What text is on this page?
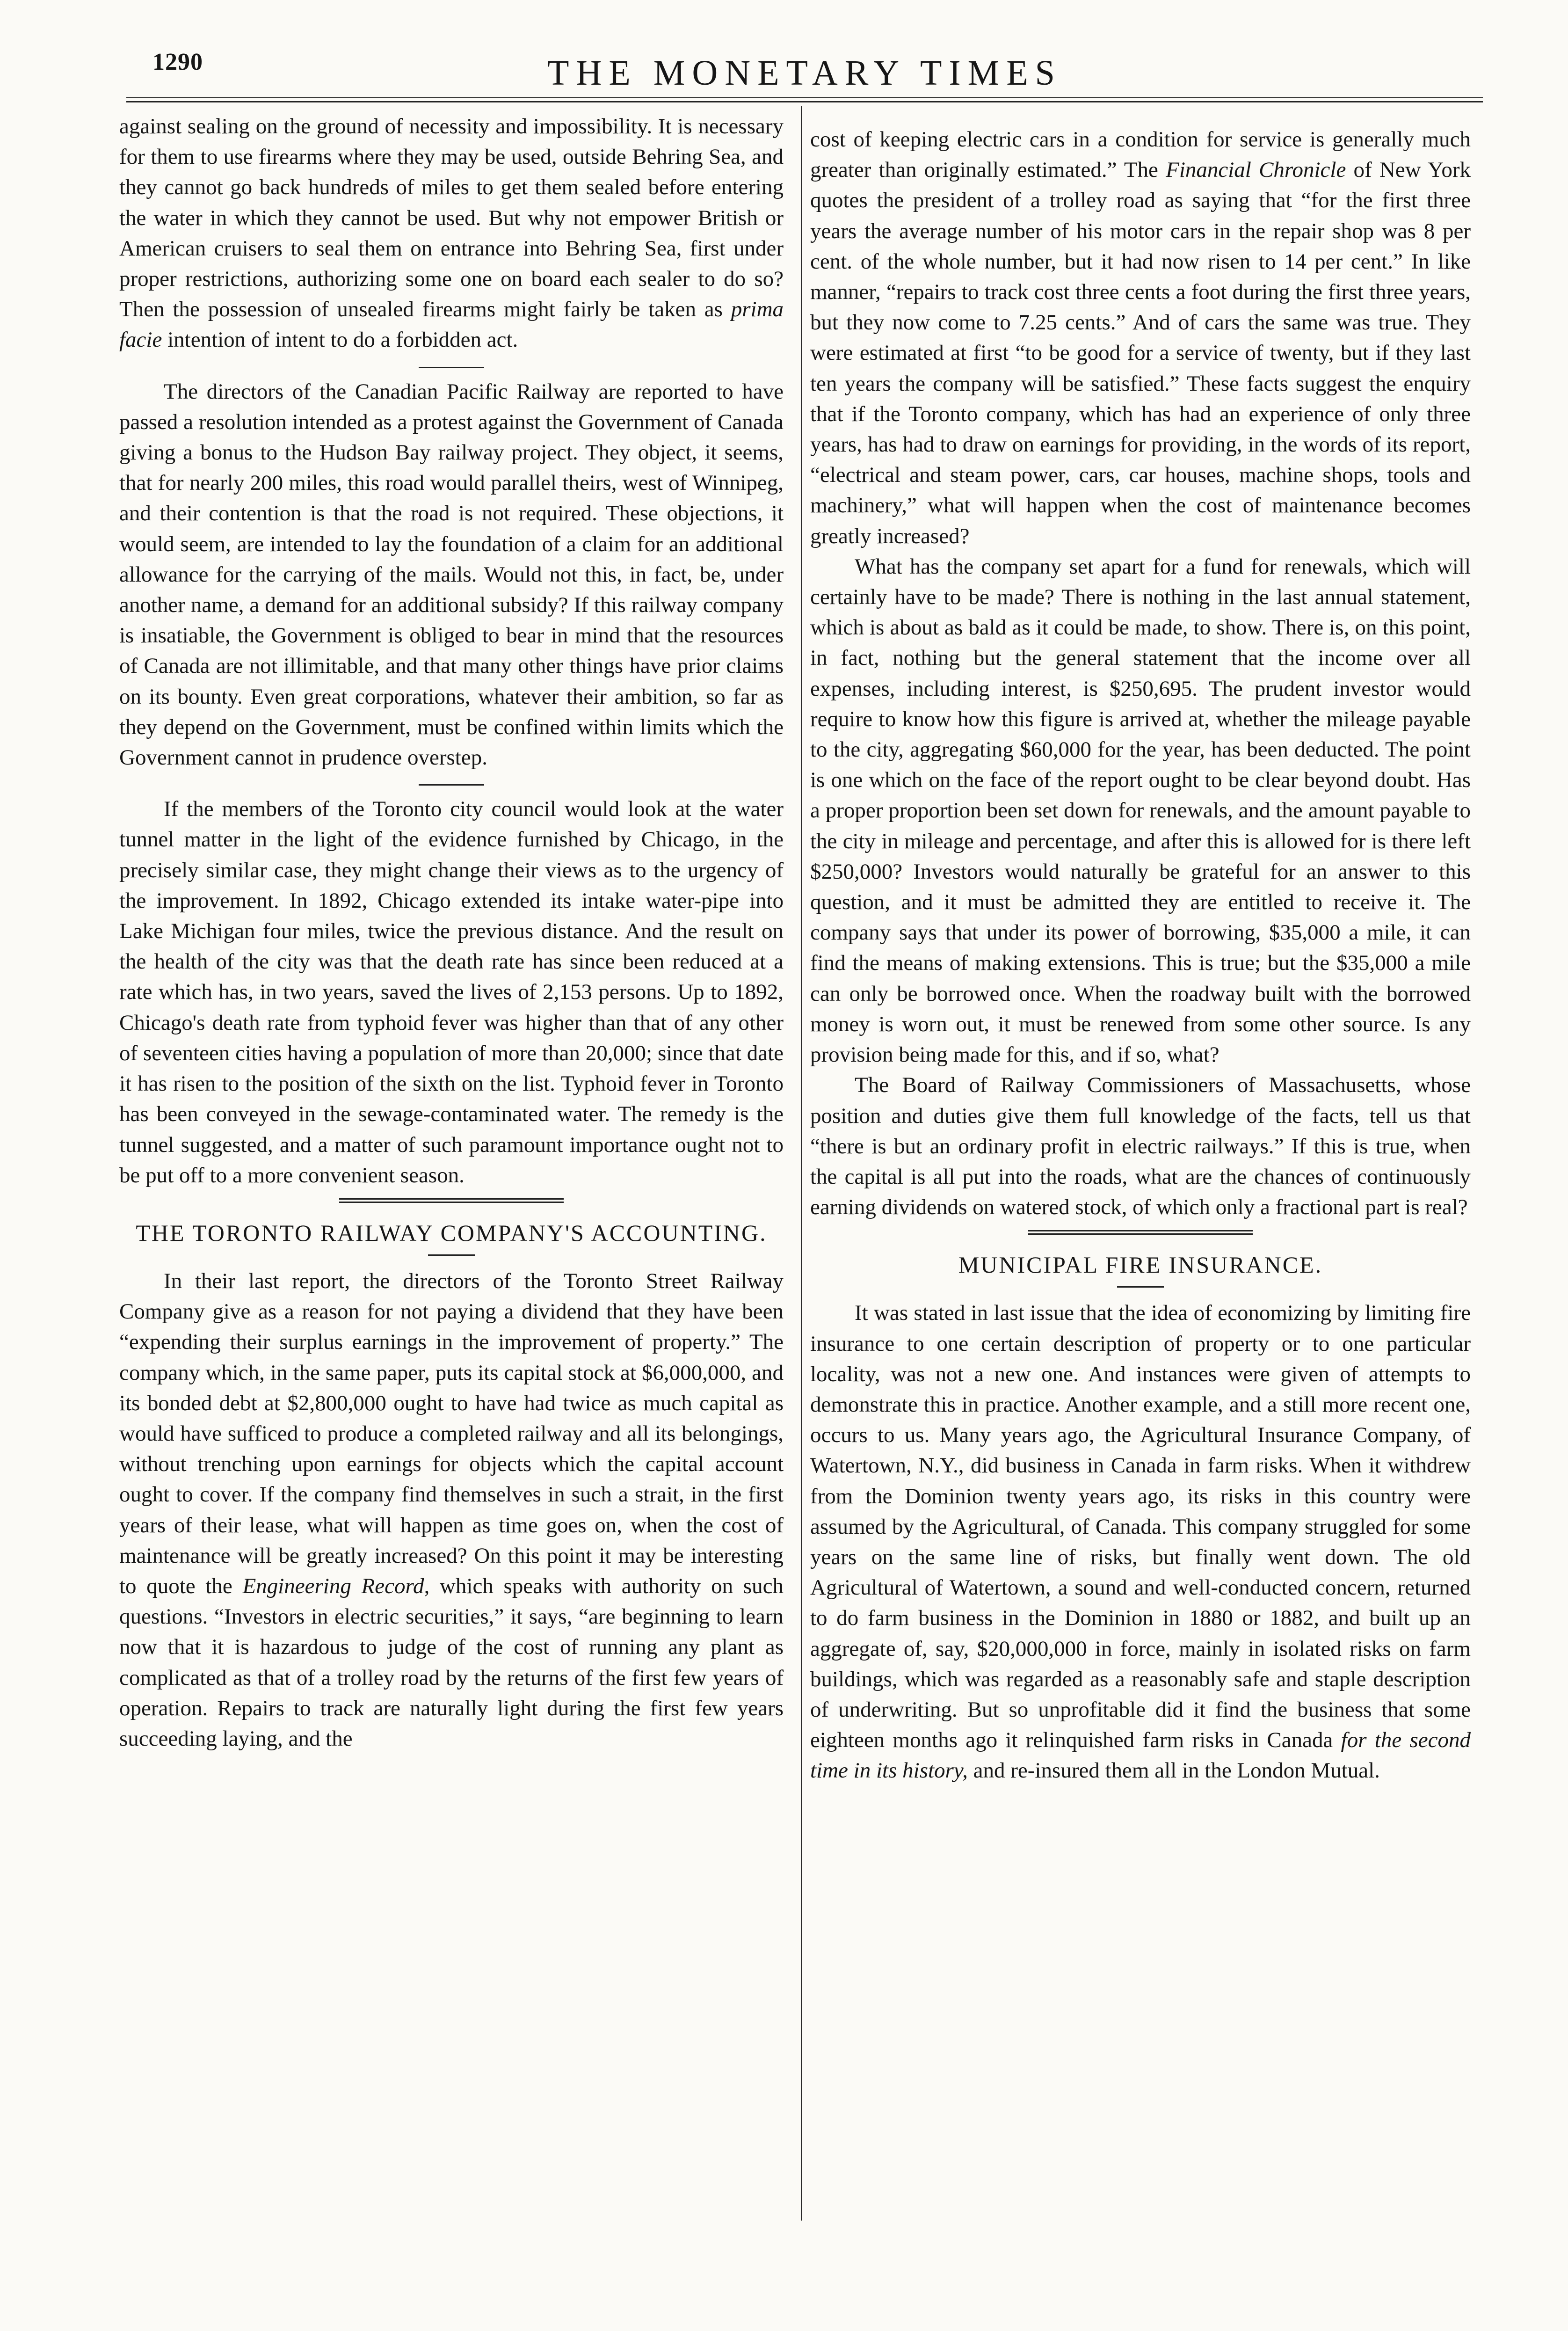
1290	THE MONETARY TIMES

against sealing on the ground of necessity and impossibility. It is necessary for them to use firearms where they may be used, outside Behring Sea, and they cannot go back hundreds of miles to get them sealed before entering the water in which they cannot be used. But why not empower British or American cruisers to seal them on entrance into Behring Sea, first under proper restrictions, authorizing some one on board each sealer to do so? Then the possession of unsealed firearms might fairly be taken as prima facie intention of intent to do a forbidden act.

The directors of the Canadian Pacific Railway are reported to have passed a resolution intended as a protest against the Government of Canada giving a bonus to the Hudson Bay railway project. They object, it seems, that for nearly 200 miles, this road would parallel theirs, west of Winnipeg, and their contention is that the road is not required. These objections, it would seem, are intended to lay the foundation of a claim for an additional allowance for the carrying of the mails. Would not this, in fact, be, under another name, a demand for an additional subsidy? If this railway company is insatiable, the Government is obliged to bear in mind that the resources of Canada are not illimitable, and that many other things have prior claims on its bounty. Even great corporations, whatever their ambition, so far as they depend on the Government, must be confined within limits which the Government cannot in prudence overstep.

If the members of the Toronto city council would look at the water tunnel matter in the light of the evidence furnished by Chicago, in the precisely similar case, they might change their views as to the urgency of the improvement. In 1892, Chicago extended its intake water-pipe into Lake Michigan four miles, twice the previous distance. And the result on the health of the city was that the death rate has since been reduced at a rate which has, in two years, saved the lives of 2,153 persons. Up to 1892, Chicago's death rate from typhoid fever was higher than that of any other of seventeen cities having a population of more than 20,000; since that date it has risen to the position of the sixth on the list. Typhoid fever in Toronto has been conveyed in the sewage-contaminated water. The remedy is the tunnel suggested, and a matter of such paramount importance ought not to be put off to a more convenient season.

THE TORONTO RAILWAY COMPANY'S ACCOUNTING.

In their last report, the directors of the Toronto Street Railway Company give as a reason for not paying a dividend that they have been “expending their surplus earnings in the improvement of property.” The company which, in the same paper, puts its capital stock at $6,000,000, and its bonded debt at $2,800,000 ought to have had twice as much capital as would have sufficed to produce a completed railway and all its belongings, without trenching upon earnings for objects which the capital account ought to cover. If the company find themselves in such a strait, in the first years of their lease, what will happen as time goes on, when the cost of maintenance will be greatly increased? On this point it may be interesting to quote the Engineering Record, which speaks with authority on such questions. “Investors in electric securities,” it says, “are beginning to learn now that it is hazardous to judge of the cost of running any plant as complicated as that of a trolley road by the returns of the first few years of operation. Repairs to track are naturally light during the first few years succeeding laying, and the

cost of keeping electric cars in a condition for service is generally much greater than originally estimated.” The Financial Chronicle of New York quotes the president of a trolley road as saying that “for the first three years the average number of his motor cars in the repair shop was 8 per cent. of the whole number, but it had now risen to 14 per cent.” In like manner, “repairs to track cost three cents a foot during the first three years, but they now come to 7.25 cents.” And of cars the same was true. They were estimated at first “to be good for a service of twenty, but if they last ten years the company will be satisfied.” These facts suggest the enquiry that if the Toronto company, which has had an experience of only three years, has had to draw on earnings for providing, in the words of its report, “electrical and steam power, cars, car houses, machine shops, tools and machinery,” what will happen when the cost of maintenance becomes greatly increased?

What has the company set apart for a fund for renewals, which will certainly have to be made? There is nothing in the last annual statement, which is about as bald as it could be made, to show. There is, on this point, in fact, nothing but the general statement that the income over all expenses, including interest, is $250,695. The prudent investor would require to know how this figure is arrived at, whether the mileage payable to the city, aggregating $60,000 for the year, has been deducted. The point is one which on the face of the report ought to be clear beyond doubt. Has a proper proportion been set down for renewals, and the amount payable to the city in mileage and percentage, and after this is allowed for is there left $250,000? Investors would naturally be grateful for an answer to this question, and it must be admitted they are entitled to receive it. The company says that under its power of borrowing, $35,000 a mile, it can find the means of making extensions. This is true; but the $35,000 a mile can only be borrowed once. When the roadway built with the borrowed money is worn out, it must be renewed from some other source. Is any provision being made for this, and if so, what?

The Board of Railway Commissioners of Massachusetts, whose position and duties give them full knowledge of the facts, tell us that “there is but an ordinary profit in electric railways.” If this is true, when the capital is all put into the roads, what are the chances of continuously earning dividends on watered stock, of which only a fractional part is real?

MUNICIPAL FIRE INSURANCE.

It was stated in last issue that the idea of economizing by limiting fire insurance to one certain description of property or to one particular locality, was not a new one. And instances were given of attempts to demonstrate this in practice. Another example, and a still more recent one, occurs to us. Many years ago, the Agricultural Insurance Company, of Watertown, N.Y., did business in Canada in farm risks. When it withdrew from the Dominion twenty years ago, its risks in this country were assumed by the Agricultural, of Canada. This company struggled for some years on the same line of risks, but finally went down. The old Agricultural of Watertown, a sound and well-conducted concern, returned to do farm business in the Dominion in 1880 or 1882, and built up an aggregate of, say, $20,000,000 in force, mainly in isolated risks on farm buildings, which was regarded as a reasonably safe and staple description of underwriting. But so unprofitable did it find the business that some eighteen months ago it relinquished farm risks in Canada for the second time in its history, and re-insured them all in the London Mutual.
